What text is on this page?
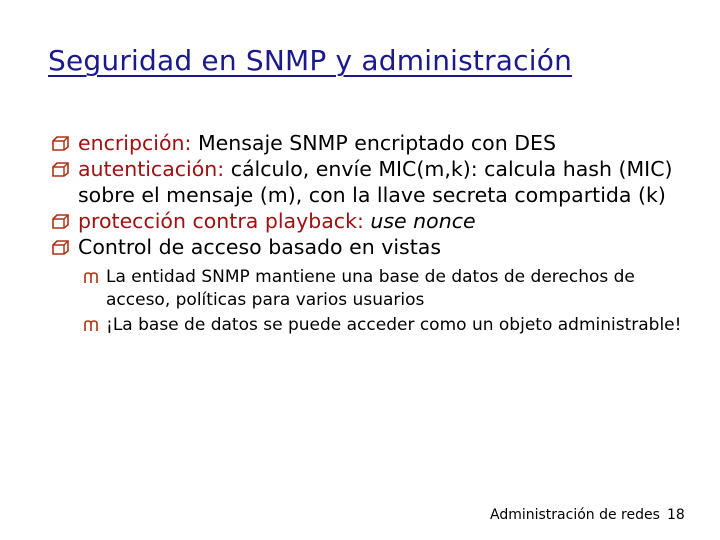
Seguridad en SNMP y administración
encripción: Mensaje SNMP encriptado con DES
autenticación: cálculo, envíe MIC(m,k): calcula hash (MIC) sobre el mensaje (m), con la llave secreta compartida (k)
protección contra playback: use nonce
Control de acceso basado en vistas
La entidad SNMP mantiene una base de datos de derechos de acceso, políticas para varios usuarios
¡La base de datos se puede acceder como un objeto administrable!
Administración de redes 18
